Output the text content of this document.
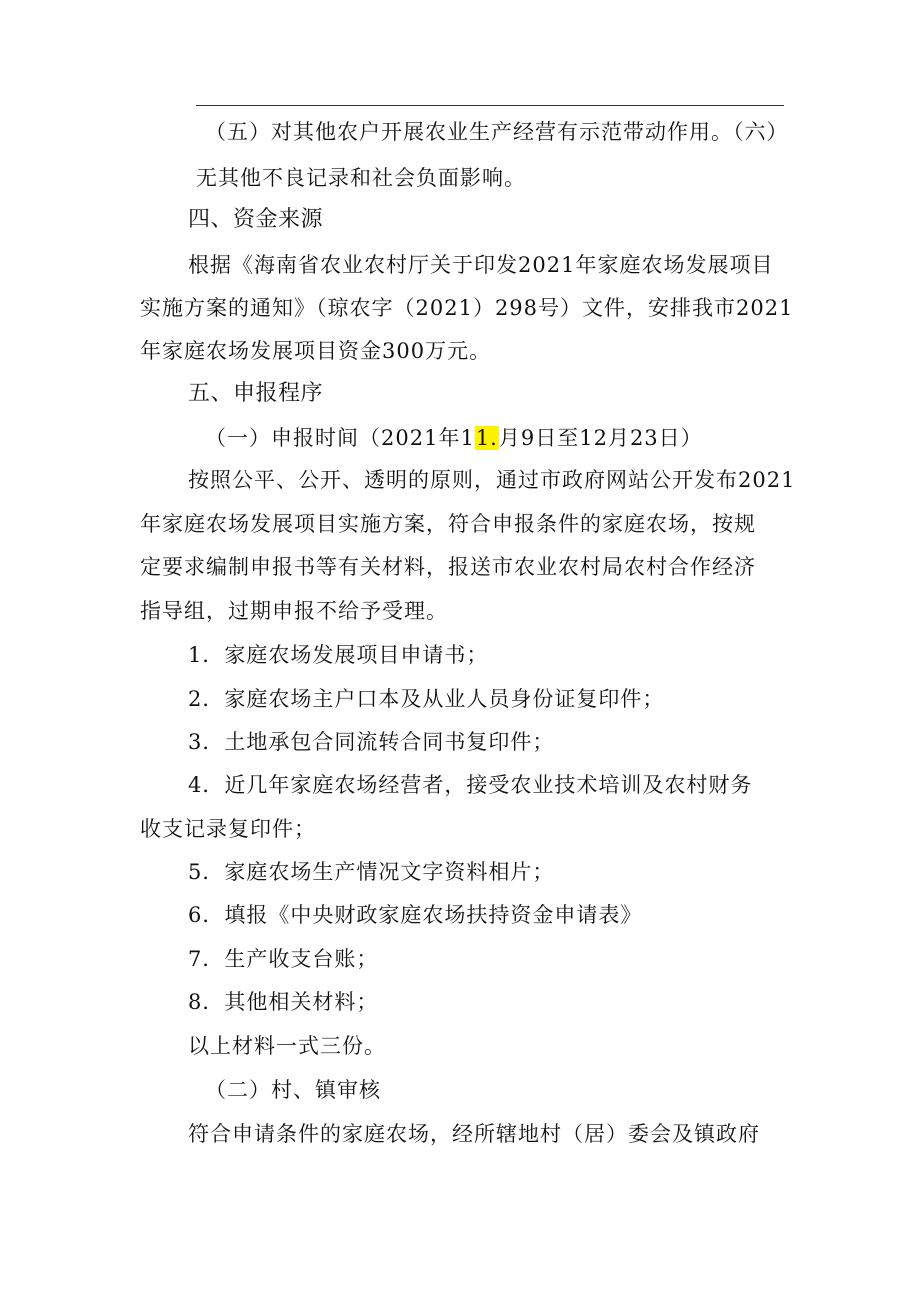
（五）对其他农户开展农业生产经营有示范带动作用。（六）
无其他不良记录和社会负面影响。
四、资金来源
根据《海南省农业农村厅关于印发2021年家庭农场发展项目
实施方案的通知》（琼农字（2021）298号）文件，安排我市2021
年家庭农场发展项目资金300万元。
五、申报程序
（一）申报时间（2021年11.月9日至12月23日）
按照公平、公开、透明的原则，通过市政府网站公开发布2021
年家庭农场发展项目实施方案，符合申报条件的家庭农场，按规
定要求编制申报书等有关材料，报送市农业农村局农村合作经济
指导组，过期申报不给予受理。
1．家庭农场发展项目申请书；
2．家庭农场主户口本及从业人员身份证复印件；
3．土地承包合同流转合同书复印件；
4．近几年家庭农场经营者，接受农业技术培训及农村财务
收支记录复印件；
5．家庭农场生产情况文字资料相片；
6．填报《中央财政家庭农场扶持资金申请表》
7．生产收支台账；
8．其他相关材料；
以上材料一式三份。
（二）村、镇审核
符合申请条件的家庭农场，经所辖地村（居）委会及镇政府
